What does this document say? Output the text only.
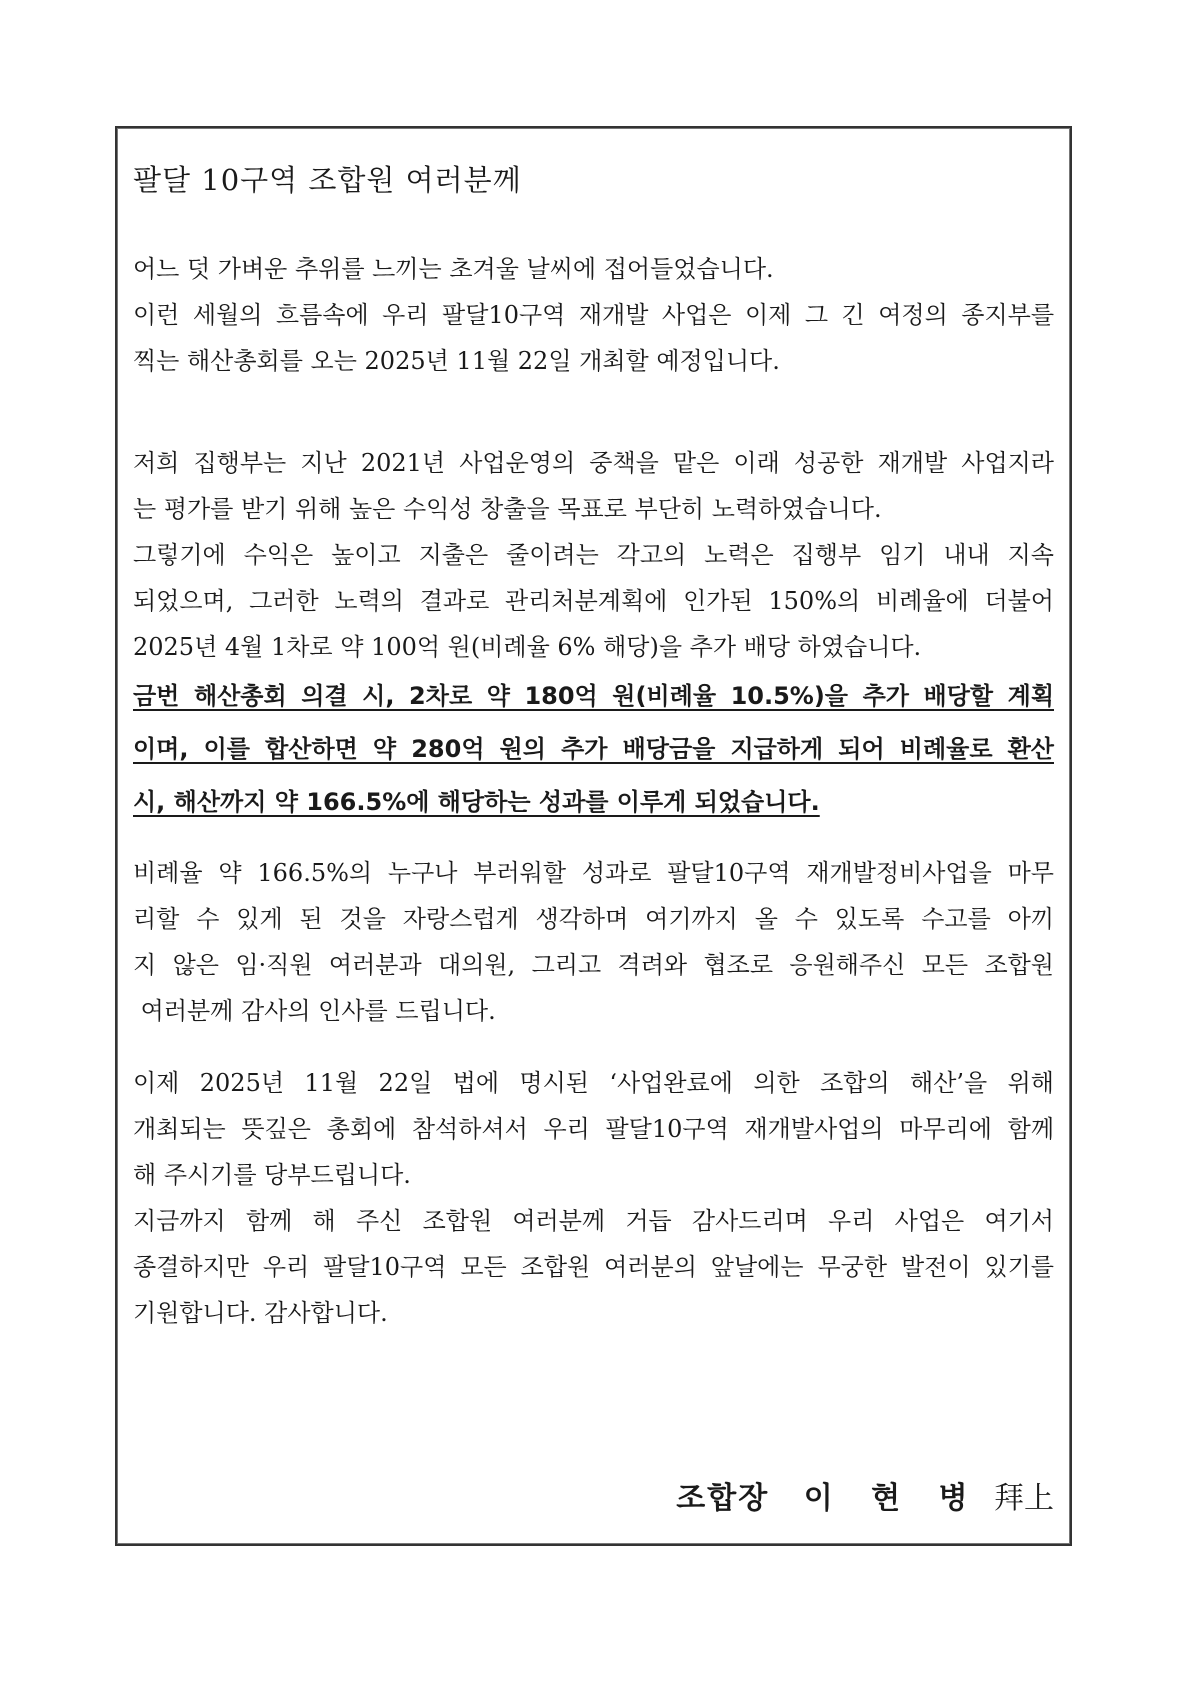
팔달 10구역 조합원 여러분께
어느 덧 가벼운 추위를 느끼는 초겨울 날씨에 접어들었습니다.
이런 세월의 흐름속에 우리 팔달10구역 재개발 사업은 이제 그 긴 여정의 종지부를
찍는 해산총회를 오는 2025년 11월 22일 개최할 예정입니다.
저희 집행부는 지난 2021년 사업운영의 중책을 맡은 이래 성공한 재개발 사업지라
는 평가를 받기 위해 높은 수익성 창출을 목표로 부단히 노력하였습니다.
그렇기에 수익은 높이고 지출은 줄이려는 각고의 노력은 집행부 임기 내내 지속
되었으며, 그러한 노력의 결과로 관리처분계획에 인가된 150%의 비례율에 더불어
2025년 4월 1차로 약 100억 원(비례율 6% 해당)을 추가 배당 하였습니다.
금번 해산총회 의결 시, 2차로 약 180억 원(비례율 10.5%)을 추가 배당할 계획
이며, 이를 합산하면 약 280억 원의 추가 배당금을 지급하게 되어 비례율로 환산
시, 해산까지 약 166.5%에 해당하는 성과를 이루게 되었습니다.
비례율 약 166.5%의 누구나 부러워할 성과로 팔달10구역 재개발정비사업을 마무
리할 수 있게 된 것을 자랑스럽게 생각하며 여기까지 올 수 있도록 수고를 아끼
지 않은 임·직원 여러분과 대의원, 그리고 격려와 협조로 응원해주신 모든 조합원
여러분께 감사의 인사를 드립니다.
이제 2025년 11월 22일 법에 명시된 ‘사업완료에 의한 조합의 해산’을 위해
개최되는 뜻깊은 총회에 참석하셔서 우리 팔달10구역 재개발사업의 마무리에 함께
해 주시기를 당부드립니다.
지금까지 함께 해 주신 조합원 여러분께 거듭 감사드리며 우리 사업은 여기서
종결하지만 우리 팔달10구역 모든 조합원 여러분의 앞날에는 무궁한 발전이 있기를
기원합니다. 감사합니다.

조합장 이 현 병 拜上
